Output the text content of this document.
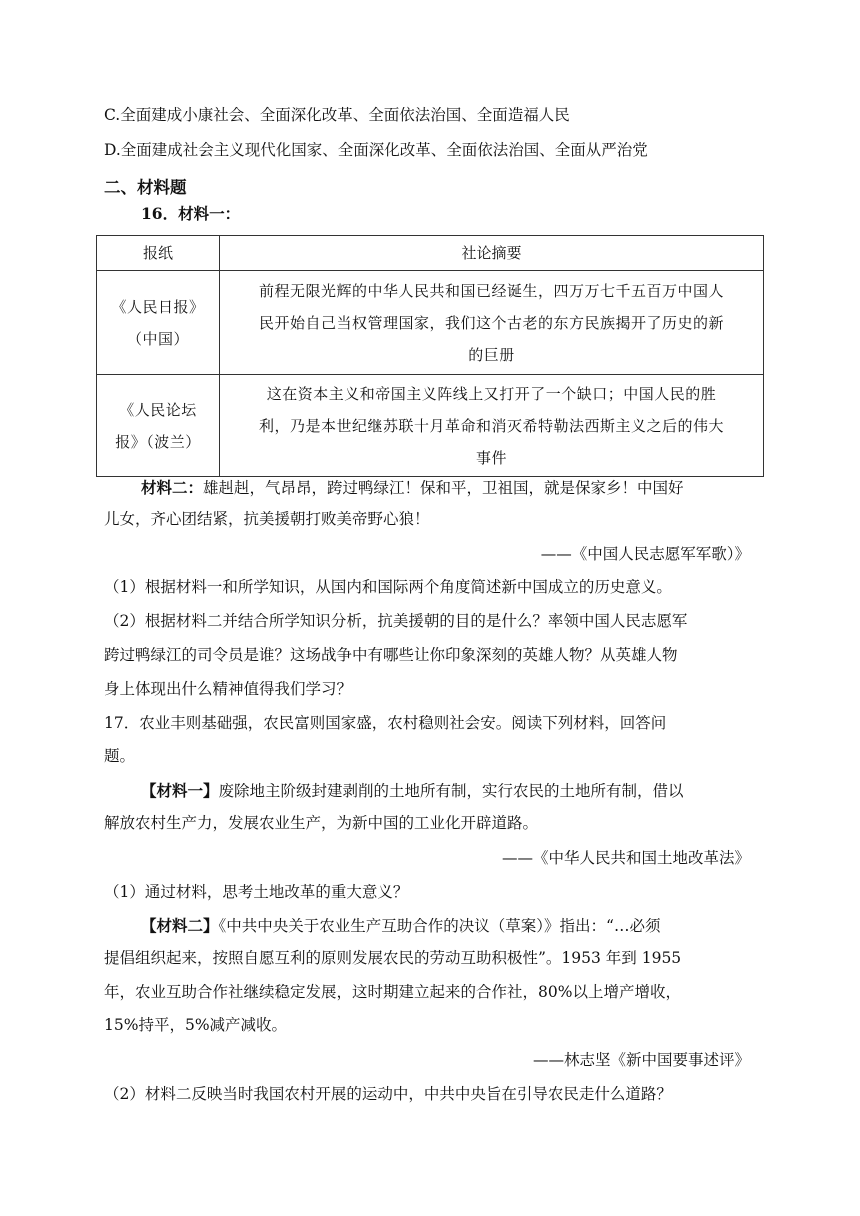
C.全面建成小康社会、全面深化改革、全面依法治国、全面造福人民
D.全面建成社会主义现代化国家、全面深化改革、全面依法治国、全面从严治党
二、材料题
16．材料一：
报纸	社论摘要

《人民日报》
（中国）	前程无限光辉的中华人民共和国已经诞生，四万万七千五百万中国人
民开始自己当权管理国家，我们这个古老的东方民族揭开了历史的新
的巨册

《人民论坛
报》（波兰）	这在资本主义和帝国主义阵线上又打开了一个缺口；中国人民的胜
利，乃是本世纪继苏联十月革命和消灭希特勒法西斯主义之后的伟大
事件
材料二：雄赳赳，气昂昂，跨过鸭绿江！保和平，卫祖国，就是保家乡！中国好
儿女，齐心团结紧，抗美援朝打败美帝野心狼！
——《中国人民志愿军军歌）》
（1）根据材料一和所学知识，从国内和国际两个角度简述新中国成立的历史意义。
（2）根据材料二并结合所学知识分析，抗美援朝的目的是什么？率领中国人民志愿军
跨过鸭绿江的司令员是谁？这场战争中有哪些让你印象深刻的英雄人物？从英雄人物
身上体现出什么精神值得我们学习？
17．农业丰则基础强，农民富则国家盛，农村稳则社会安。阅读下列材料，回答问
题。
【材料一】废除地主阶级封建剥削的土地所有制，实行农民的土地所有制，借以
解放农村生产力，发展农业生产，为新中国的工业化开辟道路。
——《中华人民共和国土地改革法》
（1）通过材料，思考土地改革的重大意义？
【材料二】《中共中央关于农业生产互助合作的决议（草案）》指出：“…必须
提倡组织起来，按照自愿互利的原则发展农民的劳动互助积极性”。1953 年到 1955
年，农业互助合作社继续稳定发展，这时期建立起来的合作社，80%以上增产增收，
15%持平，5%减产减收。
——林志坚《新中国要事述评》
（2）材料二反映当时我国农村开展的运动中，中共中央旨在引导农民走什么道路？
